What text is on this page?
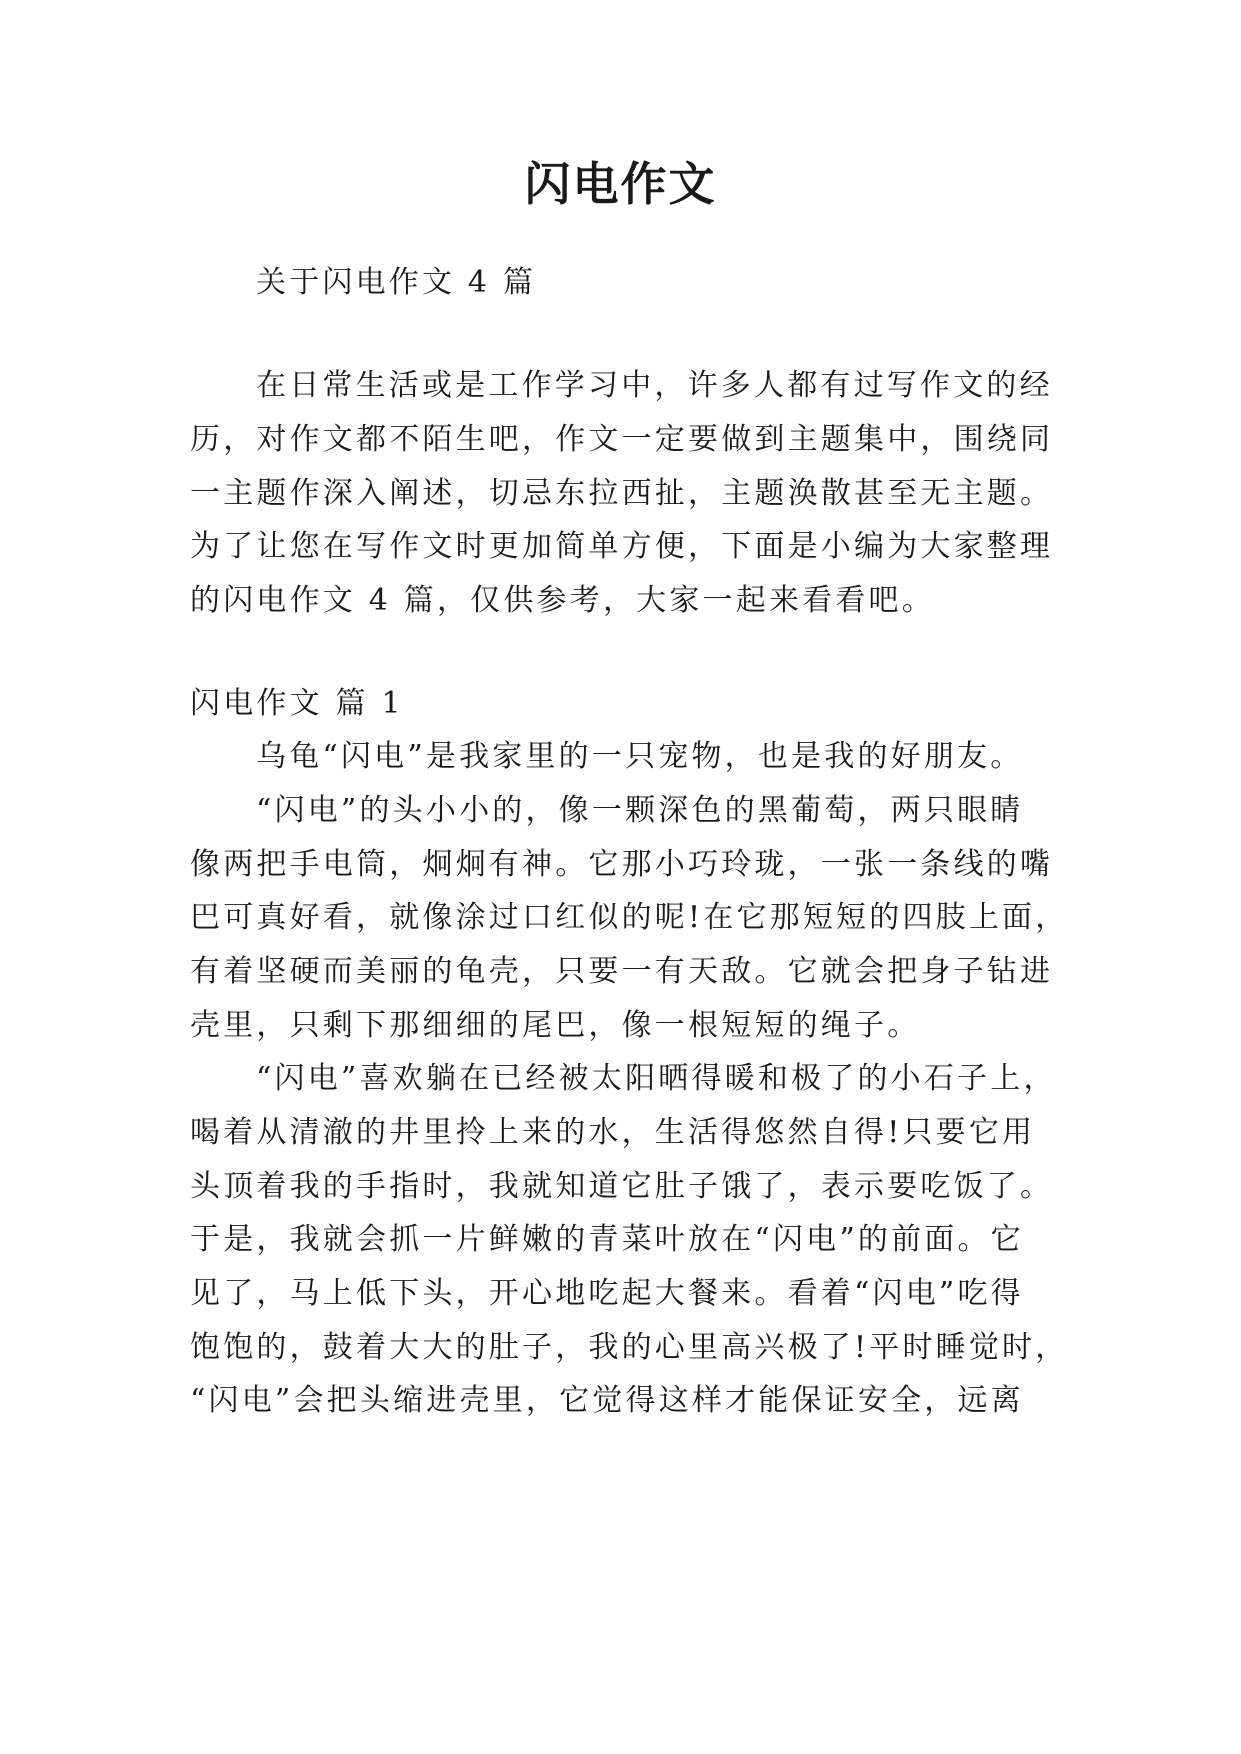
闪电作文
关于闪电作文 4 篇
在日常生活或是工作学习中，许多人都有过写作文的经
历，对作文都不陌生吧，作文一定要做到主题集中，围绕同
一主题作深入阐述，切忌东拉西扯，主题涣散甚至无主题。
为了让您在写作文时更加简单方便，下面是小编为大家整理
的闪电作文 4 篇，仅供参考，大家一起来看看吧。
闪电作文 篇 1
乌龟“闪电”是我家里的一只宠物，也是我的好朋友。
“闪电”的头小小的，像一颗深色的黑葡萄，两只眼睛
像两把手电筒，炯炯有神。它那小巧玲珑，一张一条线的嘴
巴可真好看，就像涂过口红似的呢!在它那短短的四肢上面，
有着坚硬而美丽的龟壳，只要一有天敌。它就会把身子钻进
壳里，只剩下那细细的尾巴，像一根短短的绳子。
“闪电”喜欢躺在已经被太阳晒得暖和极了的小石子上，
喝着从清澈的井里拎上来的水，生活得悠然自得!只要它用
头顶着我的手指时，我就知道它肚子饿了，表示要吃饭了。
于是，我就会抓一片鲜嫩的青菜叶放在“闪电”的前面。它
见了，马上低下头，开心地吃起大餐来。看着“闪电”吃得
饱饱的，鼓着大大的肚子，我的心里高兴极了!平时睡觉时，
“闪电”会把头缩进壳里，它觉得这样才能保证安全，远离
